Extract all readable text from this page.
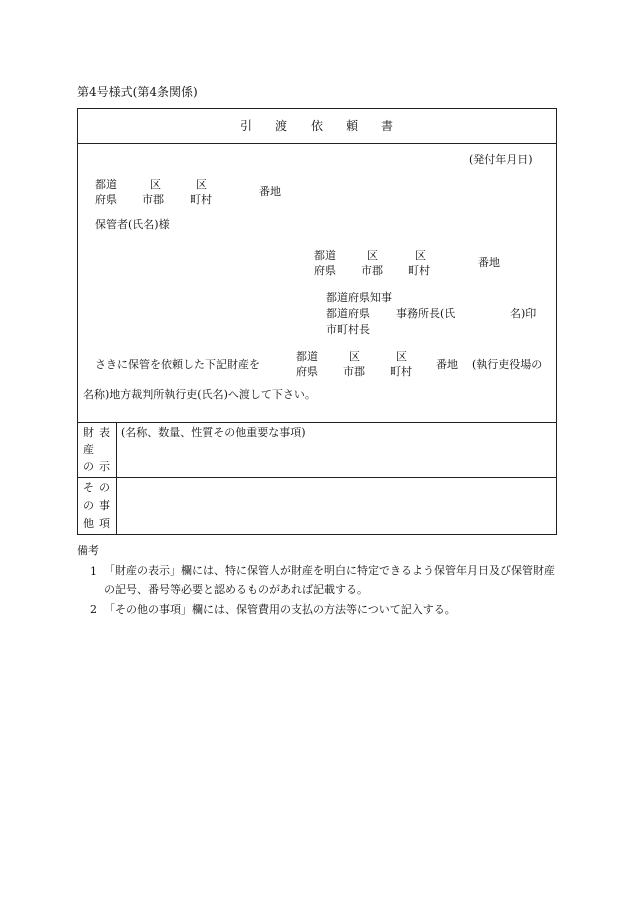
第4号様式(第4条関係)
引 渡 依 頼 書
(発付年月日)
都道
府県
区
市郡
区
町村
番地
保管者(氏名)様
都道
府県
区
市郡
区
町村
番地
都道府県知事
都道府県 事務所長(氏	名)印
市町村長
さきに保管を依頼した下記財産を
都道
府県
区
市郡
区
町村
番地 (執行吏役場の
名称)地方裁判所執行吏(氏名)へ渡して下さい。
財 表
産
の 示
(名称、数量、性質その他重要な事項)
そ の
の 事
他 項
備考
1 「財産の表示」欄には、特に保管人が財産を明白に特定できるよう保管年月日及び保管財産の記号、番号等必要と認めるものがあれば記載する。
2 「その他の事項」欄には、保管費用の支払の方法等について記入する。
